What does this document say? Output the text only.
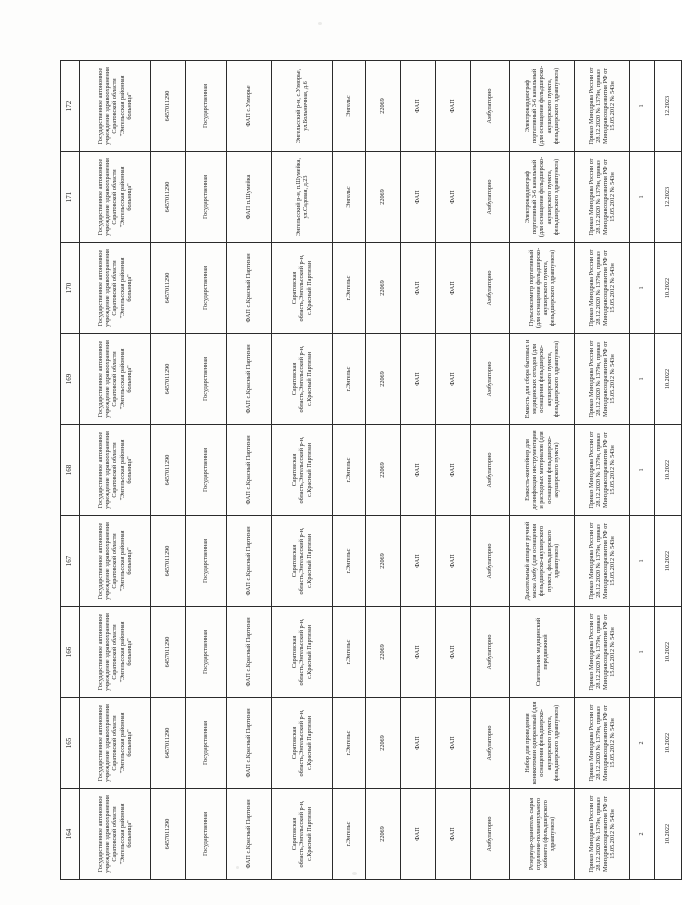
164	165	166	167	168	169	170	171	172
Государственное автономное учреждение здравоохранения Саратовской области "Энгельсская районная больница"	Государственное автономное учреждение здравоохранения Саратовской области "Энгельсская районная больница"	Государственное автономное учреждение здравоохранения Саратовской области "Энгельсская районная больница"	Государственное автономное учреждение здравоохранения Саратовской области "Энгельсская районная больница"	Государственное автономное учреждение здравоохранения Саратовской области "Энгельсская районная больница"	Государственное автономное учреждение здравоохранения Саратовской области "Энгельсская районная больница"	Государственное автономное учреждение здравоохранения Саратовской области "Энгельсская районная больница"	Государственное автономное учреждение здравоохранения Саратовской области "Энгельсская районная больница"	Государственное автономное учреждение здравоохранения Саратовской области "Энгельсская районная больница"
6457011290	6457011290	6457011290	6457011290	6457011290	6457011290	6457011290	6457011290	6457011290
Государственная	Государственная	Государственная	Государственная	Государственная	Государственная	Государственная	Государственная	Государственная
ФАП с.Красный Партизан	ФАП с.Красный Партизан	ФАП с.Красный Партизан	ФАП с.Красный Партизан	ФАП с.Красный Партизан	ФАП с.Красный Партизан	ФАП с.Красный Партизан	ФАП п.Шумейка	ФАП с.Узморье
Саратовская область,Энгельсский р-н, с.Красный Партизан	Саратовская область,Энгельсский р-н, с.Красный Партизан	Саратовская область,Энгельсский р-н, с.Красный Партизан	Саратовская область,Энгельсский р-н, с.Красный Партизан	Саратовская область,Энгельсский р-н, с.Красный Партизан	Саратовская область,Энгельсский р-н, с.Красный Партизан	Саратовская область,Энгельсский р-н, с.Красный Партизан	Энгельсский р-н, п.Шумейка, ул.Садовая, д.23	Энгельсский р-н, с.Узморье, ул.Больничная, д.6
г.Энгельс	г.Энгельс	г.Энгельс	г.Энгельс	г.Энгельс	г.Энгельс	г.Энгельс	Энгельс	Энгельс
22069	22069	22069	22069	22069	22069	22069	22069	22069
ФАП	ФАП	ФАП	ФАП	ФАП	ФАП	ФАП	ФАП	ФАП
ФАП	ФАП	ФАП	ФАП	ФАП	ФАП	ФАП	ФАП	ФАП
Амбулаторно	Амбулаторно	Амбулаторно	Амбулаторно	Амбулаторно	Амбулаторно	Амбулаторно	Амбулаторно	Амбулаторно
Резервуар-хранитель сырья отделения-полиампульного кабинета (фельдшерского здравпункта)	Набор для проведения коникотомии одноразовый (для оснащения фельдшерско-акушерского пункта, фельдшерского здравпункта)	Светильник медицинский передвижной	Дыхательный аппарат ручной маска Амбу (для оснащения фельдшерско-акушерского пункта, фельдшерского здравпункта)	Емкость-контейнер для дезинфекции инструментария и расходных материалов (для оснащения фельдшерско-акушерского пункта)	Емкость для сбора бытовых и медицинских отходов (для оснащения фельдшерско-акушерского пункта, фельдшерского здравпункта)	Пульсоксиметр портативный (для оснащения фельдшерско-акушерского пункта, фельдшерского здравпункта)	Электрокардиограф портативный 3-6 канальный (для оснащения фельдшерско-акушерского пункта, фельдшерского здравпункта)	Электрокардиограф портативный 3-6 канальный (для оснащения фельдшерско-акушерского пункта, фельдшерского здравпункта)
Приказ Минздрава России от 28.12.2020 № 1379н, приказ Минздравсоцразвития РФ от 15.05.2012 № 543н	Приказ Минздрава России от 28.12.2020 № 1379н, приказ Минздравсоцразвития РФ от 15.05.2012 № 543н	Приказ Минздрава России от 28.12.2020 № 1379н, приказ Минздравсоцразвития РФ от 15.05.2012 № 543н	Приказ Минздрава России от 28.12.2020 № 1379н, приказ Минздравсоцразвития РФ от 15.05.2012 № 543н	Приказ Минздрава России от 28.12.2020 № 1379н, приказ Минздравсоцразвития РФ от 15.05.2012 № 543н	Приказ Минздрава России от 28.12.2020 № 1379н, приказ Минздравсоцразвития РФ от 15.05.2012 № 543н	Приказ Минздрава России от 28.12.2020 № 1379н, приказ Минздравсоцразвития РФ от 15.05.2012 № 543н	Приказ Минздрава России от 28.12.2020 № 1379н, приказ Минздравсоцразвития РФ от 15.05.2012 № 543н	Приказ Минздрава России от 28.12.2020 № 1379н, приказ Минздравсоцразвития РФ от 15.05.2012 № 543н
2	2	1	1	1	1	1	1	1
10.2022	10.2022	10.2022	10.2022	10.2022	10.2022	10.2022	12.2023	12.2023
